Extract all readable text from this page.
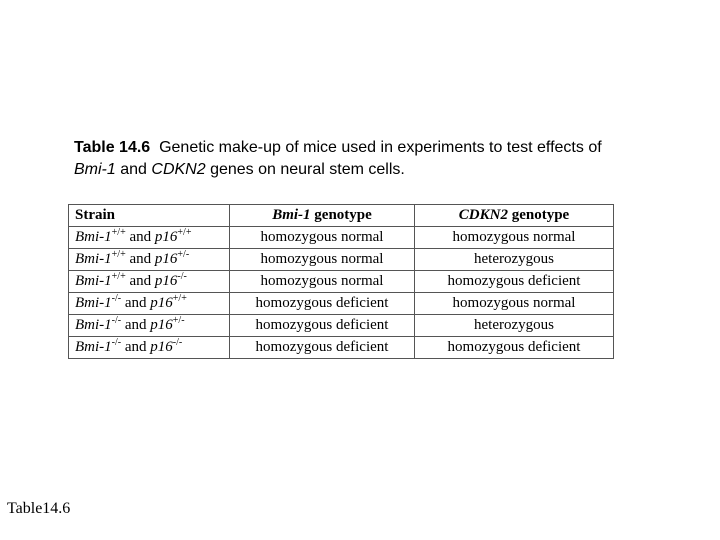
Table 14.6 Genetic make-up of mice used in experiments to test effects of Bmi-1 and CDKN2 genes on neural stem cells.
Strain	Bmi-1 genotype	CDKN2 genotype
Bmi-1+/+ and p16+/+	homozygous normal	homozygous normal
Bmi-1+/+ and p16+/-	homozygous normal	heterozygous
Bmi-1+/+ and p16-/-	homozygous normal	homozygous deficient
Bmi-1-/- and p16+/+	homozygous deficient	homozygous normal
Bmi-1-/- and p16+/-	homozygous deficient	heterozygous
Bmi-1-/- and p16-/-	homozygous deficient	homozygous deficient
Table14.6
